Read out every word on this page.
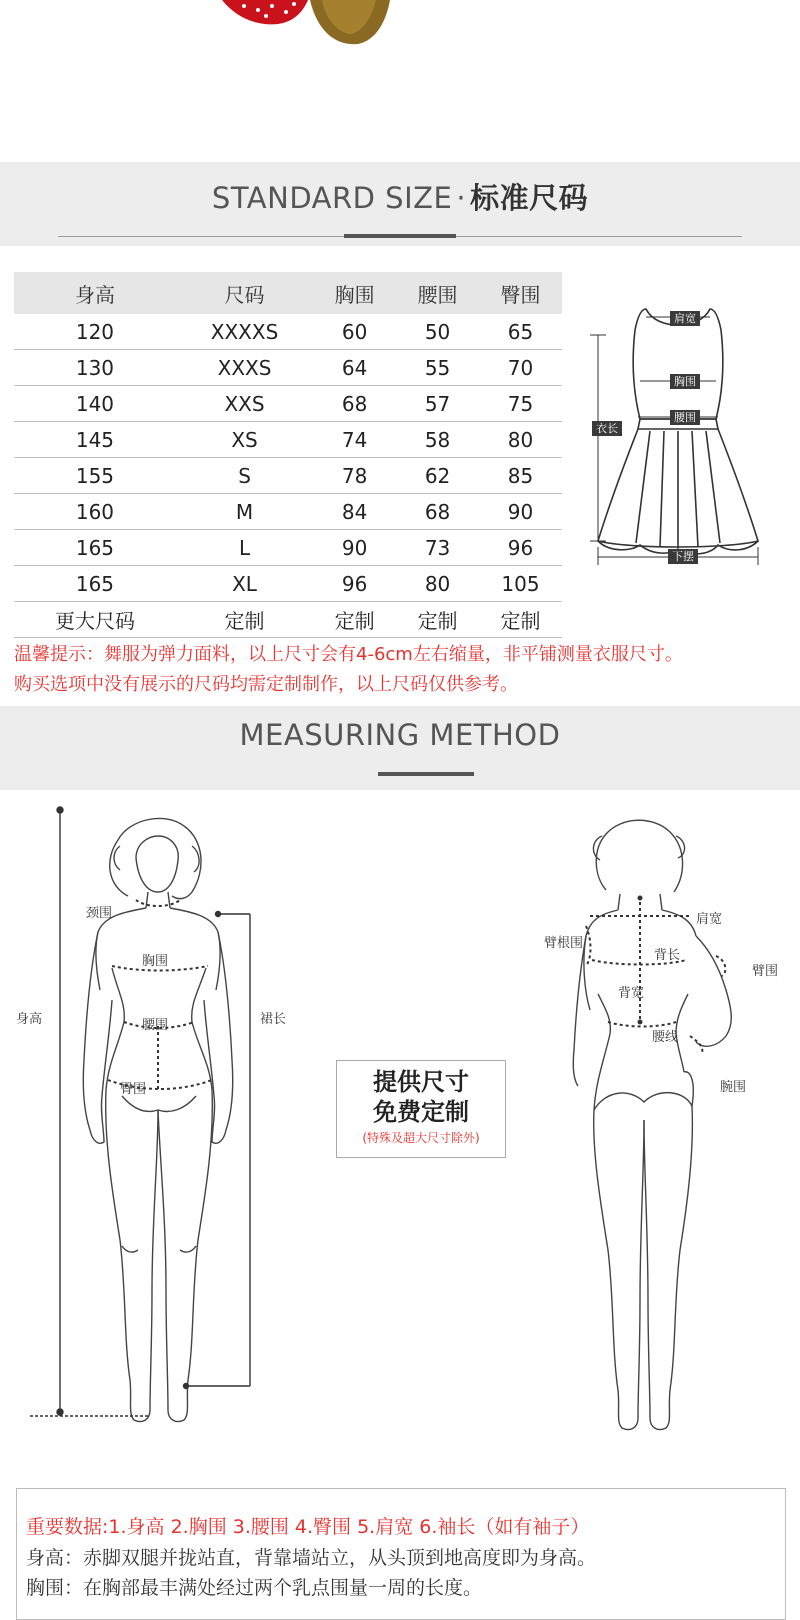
STANDARD SIZE · 标准尺码
身高	尺码	胸围	腰围	臀围
120	XXXXS	60	50	65
130	XXXS	64	55	70
140	XXS	68	57	75
145	XS	74	58	80
155	S	78	62	85
160	M	84	68	90
165	L	90	73	96
165	XL	96	80	105
更大尺码	定制	定制	定制	定制
肩宽
胸围
腰围
衣长
下摆
温馨提示：舞服为弹力面料，以上尺寸会有4-6cm左右缩量，非平铺测量衣服尺寸。
购买选项中没有展示的尺码均需定制制作，以上尺码仅供参考。
MEASURING METHOD
颈围
胸围
腰围
臀围
身高	裙长
提供尺寸
免费定制
(特殊及超大尺寸除外)
肩宽
臂根围
背长
臂围
背宽
腰线
腕围
重要数据:1.身高 2.胸围 3.腰围 4.臀围 5.肩宽 6.袖长（如有袖子）
身高：赤脚双腿并拢站直，背靠墙站立，从头顶到地高度即为身高。
胸围：在胸部最丰满处经过两个乳点围量一周的长度。
